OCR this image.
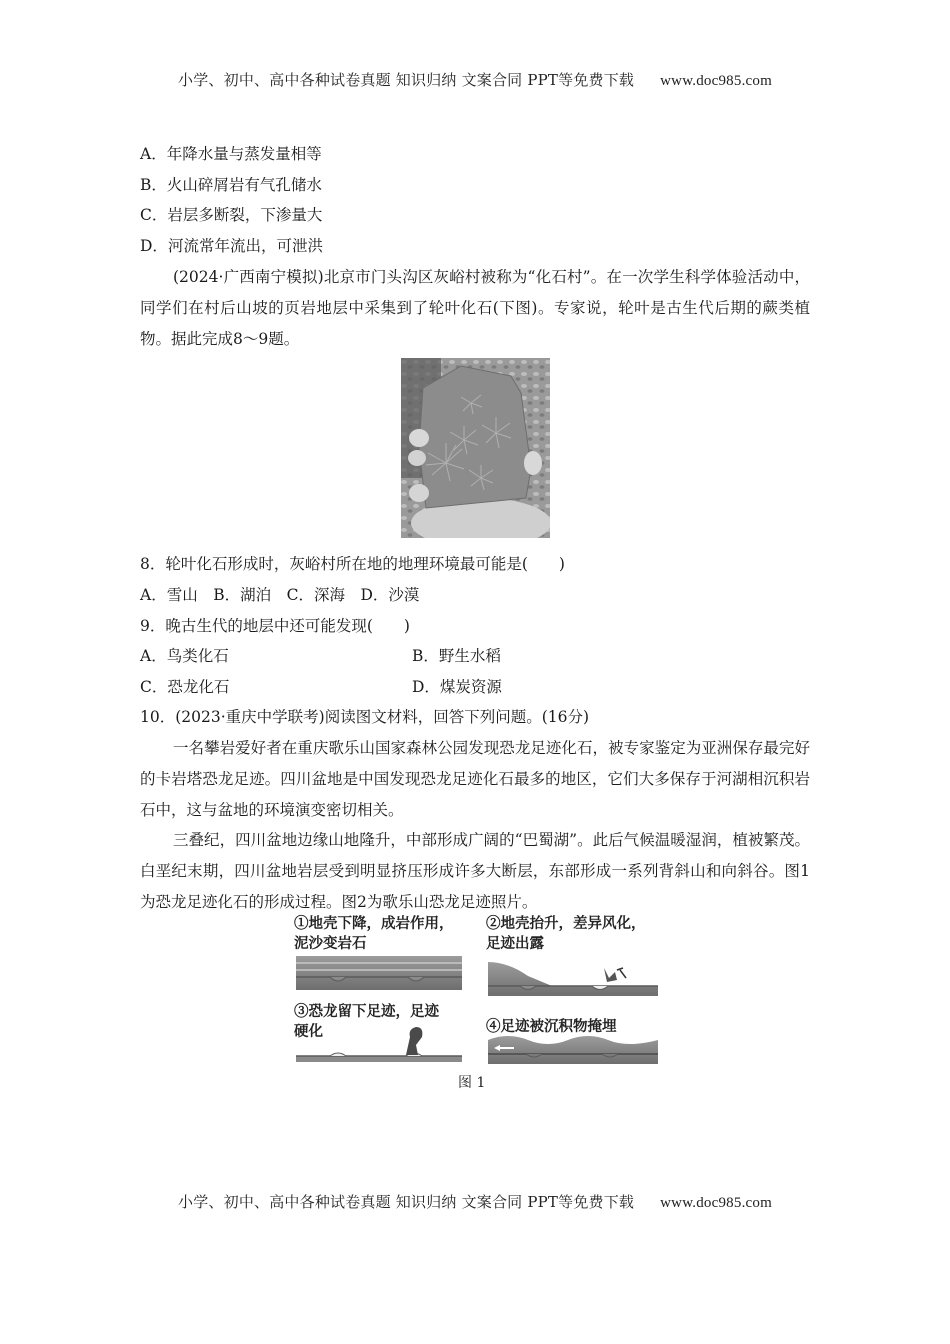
小学、初中、高中各种试卷真题 知识归纳 文案合同 PPT等免费下载 www.doc985.com
A．年降水量与蒸发量相等
B．火山碎屑岩有气孔储水
C．岩层多断裂，下渗量大
D．河流常年流出，可泄洪
(2024·广西南宁模拟)北京市门头沟区灰峪村被称为“化石村”。在一次学生科学体验活动中，同学们在村后山坡的页岩地层中采集到了轮叶化石(下图)。专家说，轮叶是古生代后期的蕨类植物。据此完成8～9题。
8．轮叶化石形成时，灰峪村所在地的地理环境最可能是(　　)
A．雪山　B．湖泊　C．深海　D．沙漠
9．晚古生代的地层中还可能发现(　　)
A．鸟类化石	B．野生水稻
C．恐龙化石	D．煤炭资源
10．(2023·重庆中学联考)阅读图文材料，回答下列问题。(16分)
一名攀岩爱好者在重庆歌乐山国家森林公园发现恐龙足迹化石，被专家鉴定为亚洲保存最完好的卡岩塔恐龙足迹。四川盆地是中国发现恐龙足迹化石最多的地区，它们大多保存于河湖相沉积岩石中，这与盆地的环境演变密切相关。
三叠纪，四川盆地边缘山地隆升，中部形成广阔的“巴蜀湖”。此后气候温暖湿润，植被繁茂。白垩纪末期，四川盆地岩层受到明显挤压形成许多大断层，东部形成一系列背斜山和向斜谷。图1为恐龙足迹化石的形成过程。图2为歌乐山恐龙足迹照片。
①地壳下降，成岩作用，
泥沙变岩石
②地壳抬升，差异风化，
足迹出露
③恐龙留下足迹，足迹
硬化	④足迹被沉积物掩埋
图 1
小学、初中、高中各种试卷真题 知识归纳 文案合同 PPT等免费下载 www.doc985.com
